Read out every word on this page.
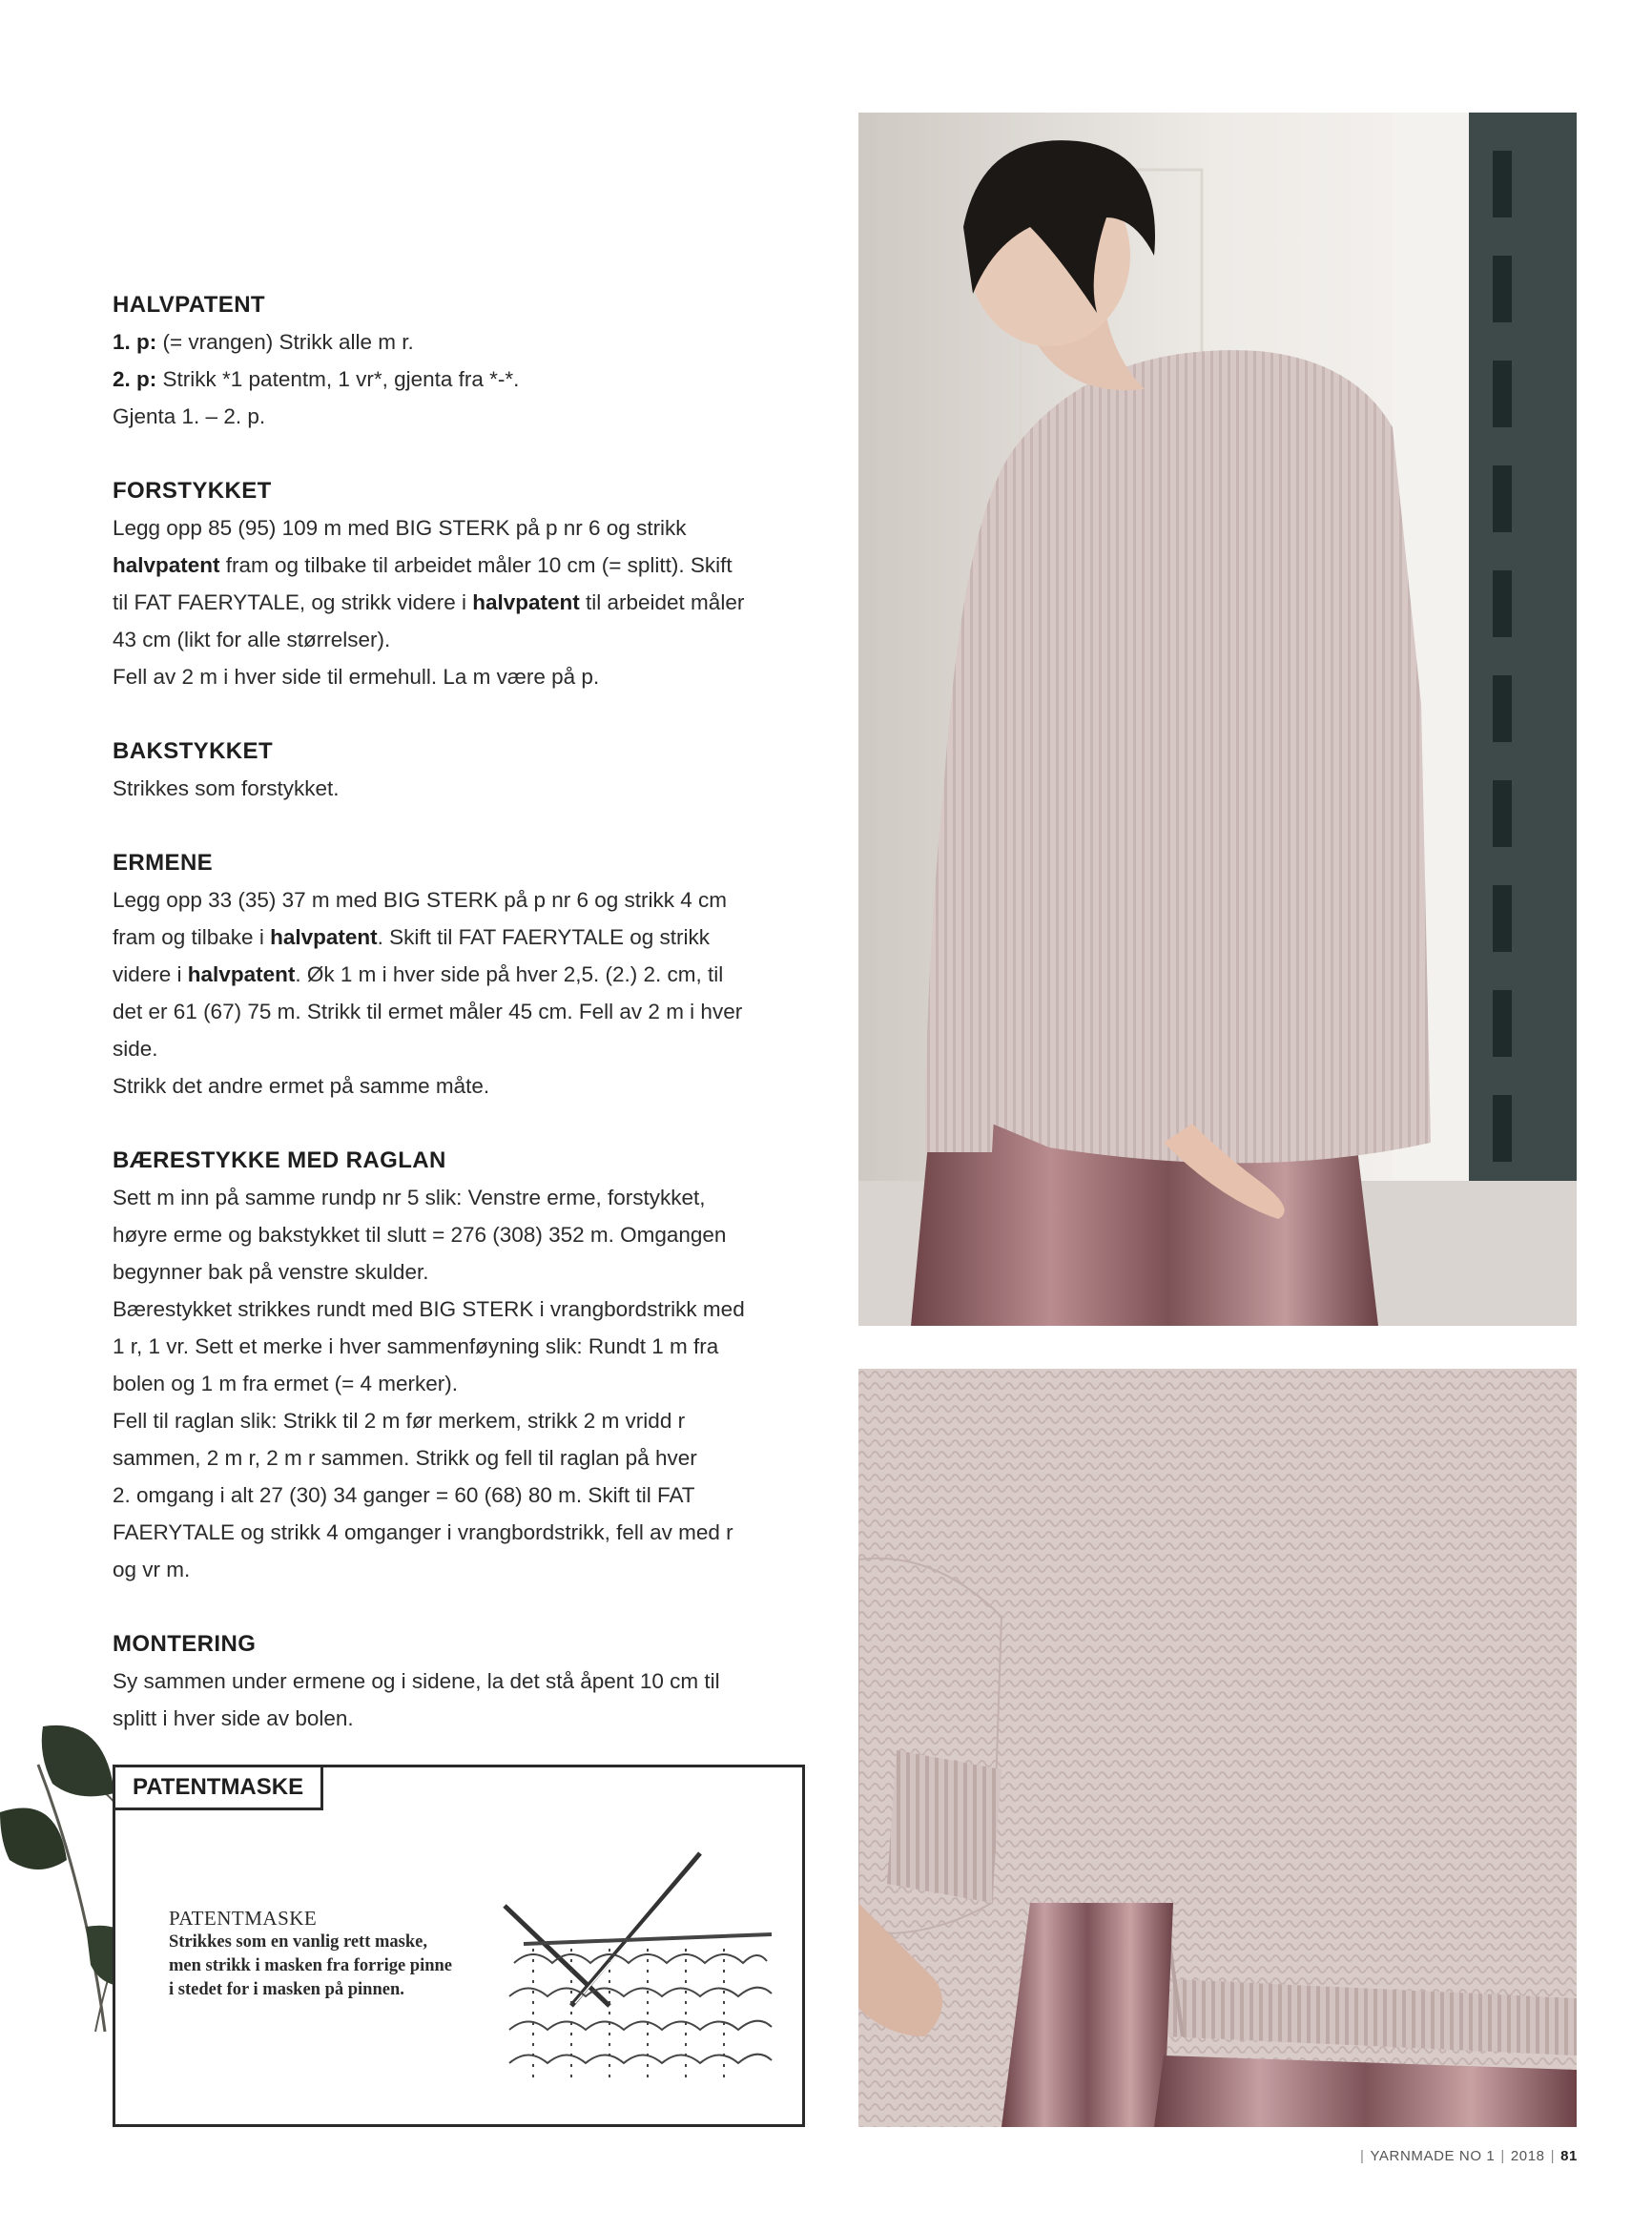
HALVPATENT
1. p: (= vrangen) Strikk alle m r.
2. p: Strikk *1 patentm, 1 vr*, gjenta fra *-*.
Gjenta 1. – 2. p.
FORSTYKKET
Legg opp 85 (95) 109 m med BIG STERK på p nr 6 og strikk
halvpatent fram og tilbake til arbeidet måler 10 cm (= splitt). Skift
til FAT FAERYTALE, og strikk videre i halvpatent til arbeidet måler
43 cm (likt for alle størrelser).
Fell av 2 m i hver side til ermehull. La m være på p.
BAKSTYKKET
Strikkes som forstykket.
ERMENE
Legg opp 33 (35) 37 m med BIG STERK på p nr 6 og strikk 4 cm
fram og tilbake i halvpatent. Skift til FAT FAERYTALE og strikk
videre i halvpatent. Øk 1 m i hver side på hver 2,5. (2.) 2. cm, til
det er 61 (67) 75 m. Strikk til ermet måler 45 cm. Fell av 2 m i hver
side.
Strikk det andre ermet på samme måte.
BÆRESTYKKE MED RAGLAN
Sett m inn på samme rundp nr 5 slik: Venstre erme, forstykket,
høyre erme og bakstykket til slutt = 276 (308) 352 m. Omgangen
begynner bak på venstre skulder.
Bærestykket strikkes rundt med BIG STERK i vrangbordstrikk med
1 r, 1 vr. Sett et merke i hver sammenføyning slik: Rundt 1 m fra
bolen og 1 m fra ermet (= 4 merker).
Fell til raglan slik: Strikk til 2 m før merkem, strikk 2 m vridd r
sammen, 2 m r, 2 m r sammen. Strikk og fell til raglan på hver
2. omgang i alt 27 (30) 34 ganger = 60 (68) 80 m. Skift til FAT
FAERYTALE og strikk 4 omganger i vrangbordstrikk, fell av med r
og vr m.
MONTERING
Sy sammen under ermene og i sidene, la det stå åpent 10 cm til
splitt i hver side av bolen.
PATENTMASKE
PATENTMASKE
Strikkes som en vanlig rett maske,
men strikk i masken fra forrige pinne
i stedet for i masken på pinnen.
| YARNMADE NO 1 | 2018 | 81
